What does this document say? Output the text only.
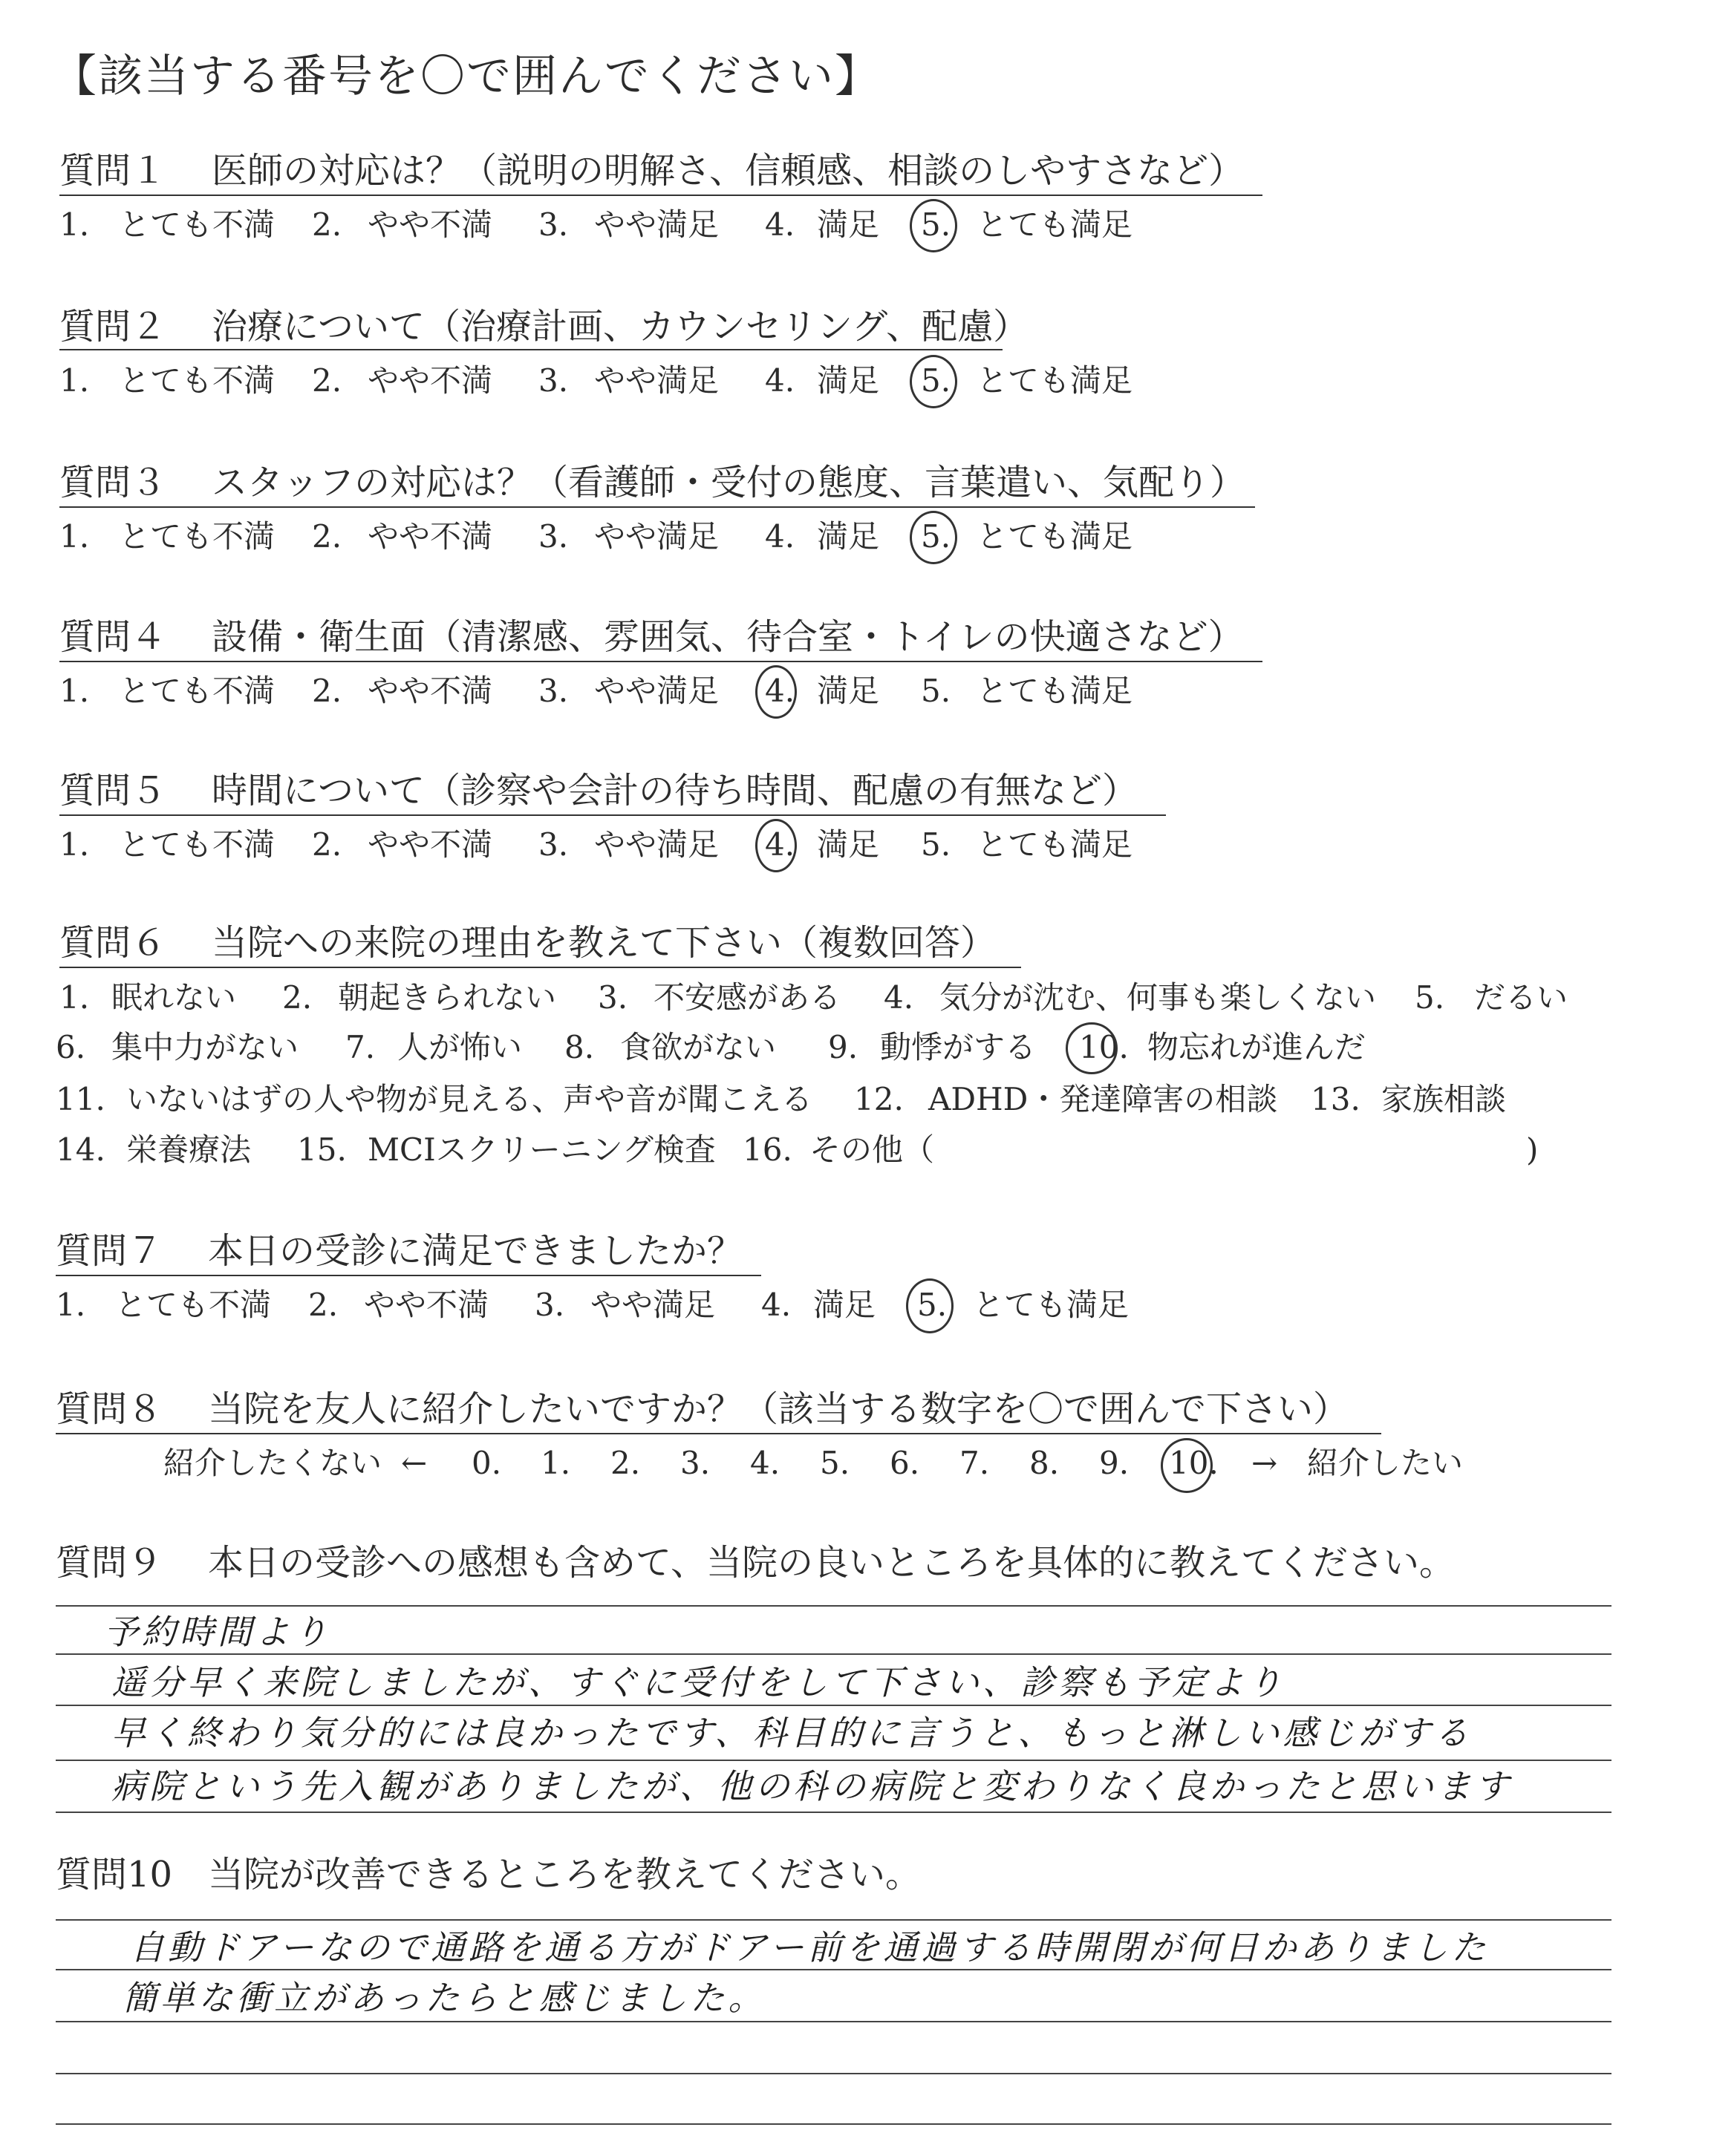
【該当する番号を〇で囲んでください】
質問１ 医師の対応は？（説明の明解さ、信頼感、相談のしやすさなど）
1. とても不満 2. やや不満 3. やや満足 4. 満足 5. とても満足
質問２ 治療について（治療計画、カウンセリング、配慮）
1. とても不満 2. やや不満 3. やや満足 4. 満足 5. とても満足
質問３ スタッフの対応は？（看護師・受付の態度、言葉遣い、気配り）
1. とても不満 2. やや不満 3. やや満足 4. 満足 5. とても満足
質問４ 設備・衛生面（清潔感、雰囲気、待合室・トイレの快適さなど）
1. とても不満 2. やや不満 3. やや満足 4. 満足 5. とても満足
質問５ 時間について（診察や会計の待ち時間、配慮の有無など）
1. とても不満 2. やや不満 3. やや満足 4. 満足 5. とても満足
質問６ 当院への来院の理由を教えて下さい（複数回答）
1. 眠れない 2. 朝起きられない 3. 不安感がある 4. 気分が沈む、何事も楽しくない 5. だるい
6. 集中力がない 7. 人が怖い 8. 食欲がない 9. 動悸がする 10. 物忘れが進んだ
11. いないはずの人や物が見える、声や音が聞こえる 12. ADHD・発達障害の相談 13. 家族相談
14. 栄養療法 15. MCIスクリーニング検査 16. その他（	)
質問７ 本日の受診に満足できましたか？
1. とても不満 2. やや不満 3. やや満足 4. 満足 5. とても満足
質問８ 当院を友人に紹介したいですか？（該当する数字を〇で囲んで下さい）
紹介したくない ← 0. 1. 2. 3. 4. 5. 6. 7. 8. 9. 10. → 紹介したい
質問９ 本日の受診への感想も含めて、当院の良いところを具体的に教えてください。
予約時間より
遥分早く来院しましたが、すぐに受付をして下さい、診察も予定より
早く終わり気分的には良かったです、科目的に言うと、もっと淋しい感じがする
病院という先入観がありましたが、他の科の病院と変わりなく良かったと思います
質問10 当院が改善できるところを教えてください。
自動ドアーなので通路を通る方がドアー前を通過する時開閉が何日かありました
簡単な衝立があったらと感じました。
